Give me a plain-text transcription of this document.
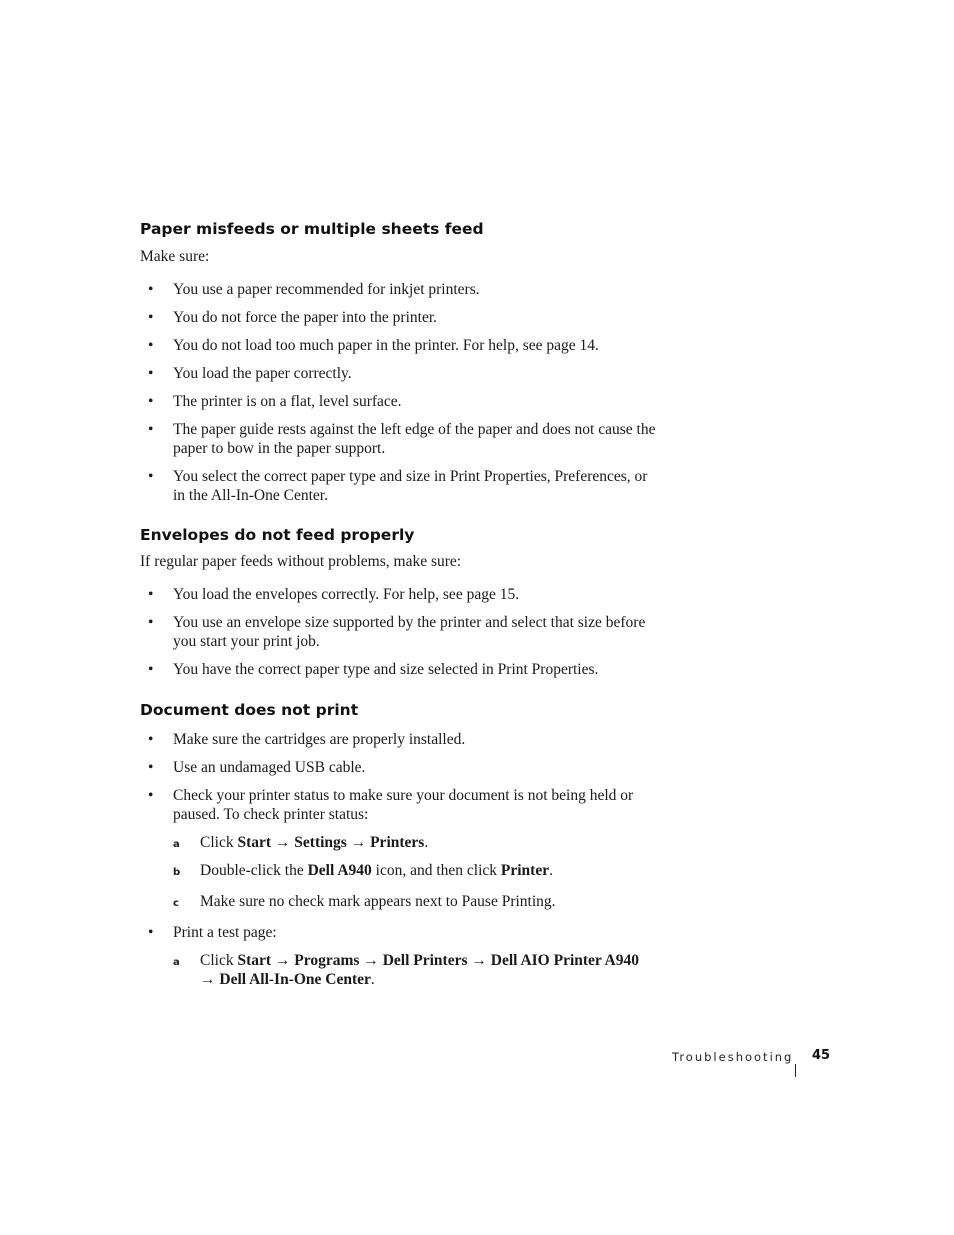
Paper misfeeds or multiple sheets feed

Make sure:

• You use a paper recommended for inkjet printers.
• You do not force the paper into the printer.
• You do not load too much paper in the printer. For help, see page 14.
• You load the paper correctly.
• The printer is on a flat, level surface.
• The paper guide rests against the left edge of the paper and does not cause the paper to bow in the paper support.
• You select the correct paper type and size in Print Properties, Preferences, or in the All-In-One Center.
Envelopes do not feed properly

If regular paper feeds without problems, make sure:

• You load the envelopes correctly. For help, see page 15.
• You use an envelope size supported by the printer and select that size before you start your print job.
• You have the correct paper type and size selected in Print Properties.
Document does not print
• Make sure the cartridges are properly installed.
• Use an undamaged USB cable.
• Check your printer status to make sure your document is not being held or paused. To check printer status:
a Click Start → Settings → Printers.
b Double-click the Dell A940 icon, and then click Printer.
c Make sure no check mark appears next to Pause Printing.
• Print a test page:
a Click Start → Programs → Dell Printers → Dell AIO Printer A940
→ Dell All-In-One Center.
Troubleshooting 45
